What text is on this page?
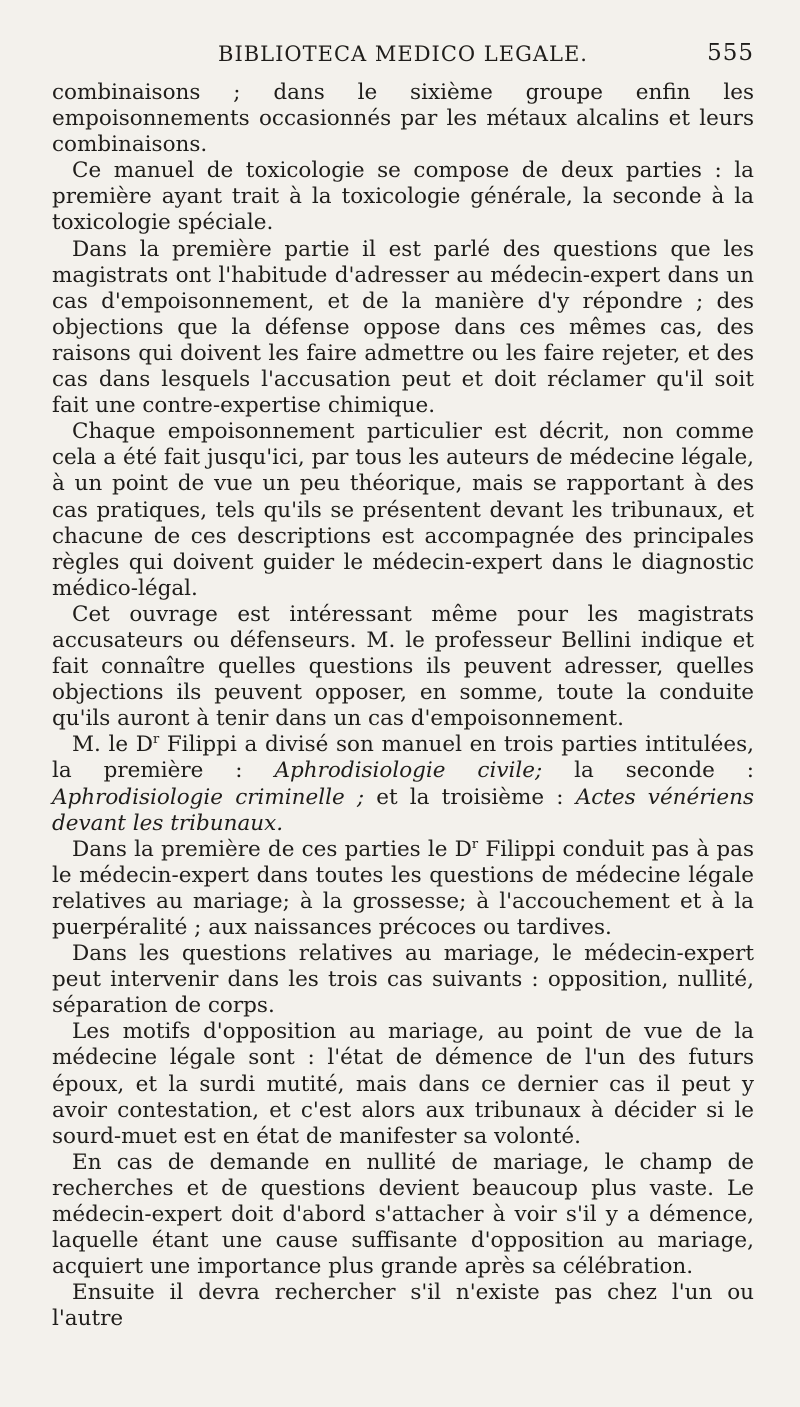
BIBLIOTECA MEDICO LEGALE.	555

combinaisons ; dans le sixième groupe enfin les empoisonnements occasionnés par les métaux alcalins et leurs combinaisons.

Ce manuel de toxicologie se compose de deux parties : la première ayant trait à la toxicologie générale, la seconde à la toxicologie spéciale.

Dans la première partie il est parlé des questions que les magistrats ont l'habitude d'adresser au médecin-expert dans un cas d'empoisonnement, et de la manière d'y répondre ; des objections que la défense oppose dans ces mêmes cas, des raisons qui doivent les faire admettre ou les faire rejeter, et des cas dans lesquels l'accusation peut et doit réclamer qu'il soit fait une contre-expertise chimique.

Chaque empoisonnement particulier est décrit, non comme cela a été fait jusqu'ici, par tous les auteurs de médecine légale, à un point de vue un peu théorique, mais se rapportant à des cas pratiques, tels qu'ils se présentent devant les tribunaux, et chacune de ces descriptions est accompagnée des principales règles qui doivent guider le médecin-expert dans le diagnostic médico-légal.

Cet ouvrage est intéressant même pour les magistrats accusateurs ou défenseurs. M. le professeur Bellini indique et fait connaître quelles questions ils peuvent adresser, quelles objections ils peuvent opposer, en somme, toute la conduite qu'ils auront à tenir dans un cas d'empoisonnement.

M. le $D^r$ Filippi a divisé son manuel en trois parties intitulées, la première : Aphrodisiologie civile; la seconde : Aphrodisiologie criminelle ; et la troisième : Actes vénériens devant les tribunaux.

Dans la première de ces parties le $D^r$ Filippi conduit pas à pas le médecin-expert dans toutes les questions de médecine légale relatives au mariage; à la grossesse; à l'accouchement et à la puerpéralité ; aux naissances précoces ou tardives.

Dans les questions relatives au mariage, le médecin-expert peut intervenir dans les trois cas suivants : opposition, nullité, séparation de corps.

Les motifs d'opposition au mariage, au point de vue de la médecine légale sont : l'état de démence de l'un des futurs époux, et la surdi mutité, mais dans ce dernier cas il peut y avoir contestation, et c'est alors aux tribunaux à décider si le sourd-muet est en état de manifester sa volonté.

En cas de demande en nullité de mariage, le champ de recherches et de questions devient beaucoup plus vaste. Le médecin-expert doit d'abord s'attacher à voir s'il y a démence, laquelle étant une cause suffisante d'opposition au mariage, acquiert une importance plus grande après sa célébration.

Ensuite il devra rechercher s'il n'existe pas chez l'un ou l'autre
